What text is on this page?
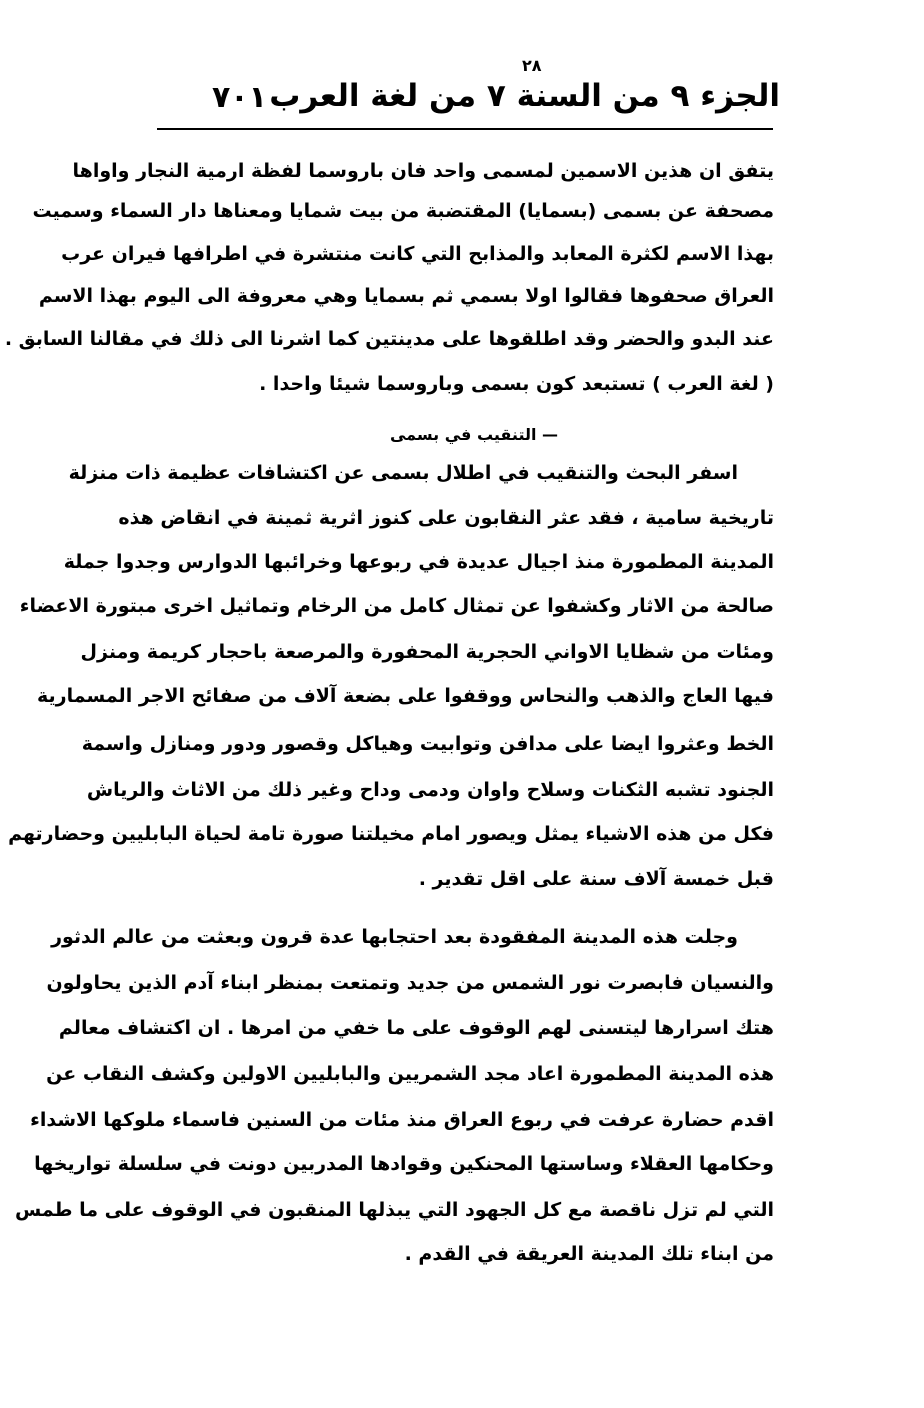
٧٠١
٢٨
الجزء ٩ من السنة ٧ من لغة العرب
يتفق ان هذين الاسمين لمسمى واحد فان باروسما لفظة ارمية النجار واواها
مصحفة عن بسمى (بسمايا) المقتضبة من بيت شمايا ومعناها دار السماء وسميت
بهذا الاسم لكثرة المعابد والمذابح التي كانت منتشرة في اطرافها فيران عرب
العراق صحفوها فقالوا اولا بسمي ثم بسمايا وهي معروفة الى اليوم بهذا الاسم
عند البدو والحضر وقد اطلقوها على مدينتين كما اشرنا الى ذلك في مقالنا السابق .
( لغة العرب ) تستبعد كون بسمى وباروسما شيئا واحدا .
— التنقيب في بسمى
اسفر البحث والتنقيب في اطلال بسمى عن اكتشافات عظيمة ذات منزلة
تاريخية سامية ، فقد عثر النقابون على كنوز اثرية ثمينة في انقاض هذه
المدينة المطمورة منذ اجيال عديدة في ربوعها وخرائبها الدوارس وجدوا جملة
صالحة من الاثار وكشفوا عن تمثال كامل من الرخام وتماثيل اخرى مبتورة الاعضاء
ومئات من شظايا الاواني الحجرية المحفورة والمرصعة باحجار كريمة ومنزل
فيها العاج والذهب والنحاس ووقفوا على بضعة آلاف من صفائح الاجر المسمارية
الخط وعثروا ايضا على مدافن وتوابيت وهياكل وقصور ودور ومنازل واسمة
الجنود تشبه الثكنات وسلاح واوان ودمى وداح وغير ذلك من الاثاث والرياش
فكل من هذه الاشياء يمثل ويصور امام مخيلتنا صورة تامة لحياة البابليين وحضارتهم
قبل خمسة آلاف سنة على اقل تقدير .
وجلت هذه المدينة المفقودة بعد احتجابها عدة قرون وبعثت من عالم الدثور
والنسيان فابصرت نور الشمس من جديد وتمتعت بمنظر ابناء آدم الذين يحاولون
هتك اسرارها ليتسنى لهم الوقوف على ما خفي من امرها . ان اكتشاف معالم
هذه المدينة المطمورة اعاد مجد الشمريين والبابليين الاولين وكشف النقاب عن
اقدم حضارة عرفت في ربوع العراق منذ مئات من السنين فاسماء ملوكها الاشداء
وحكامها العقلاء وساستها المحنكين وقوادها المدربين دونت في سلسلة تواريخها
التي لم تزل ناقصة مع كل الجهود التي يبذلها المنقبون في الوقوف على ما طمس
من ابناء تلك المدينة العريقة في القدم .
